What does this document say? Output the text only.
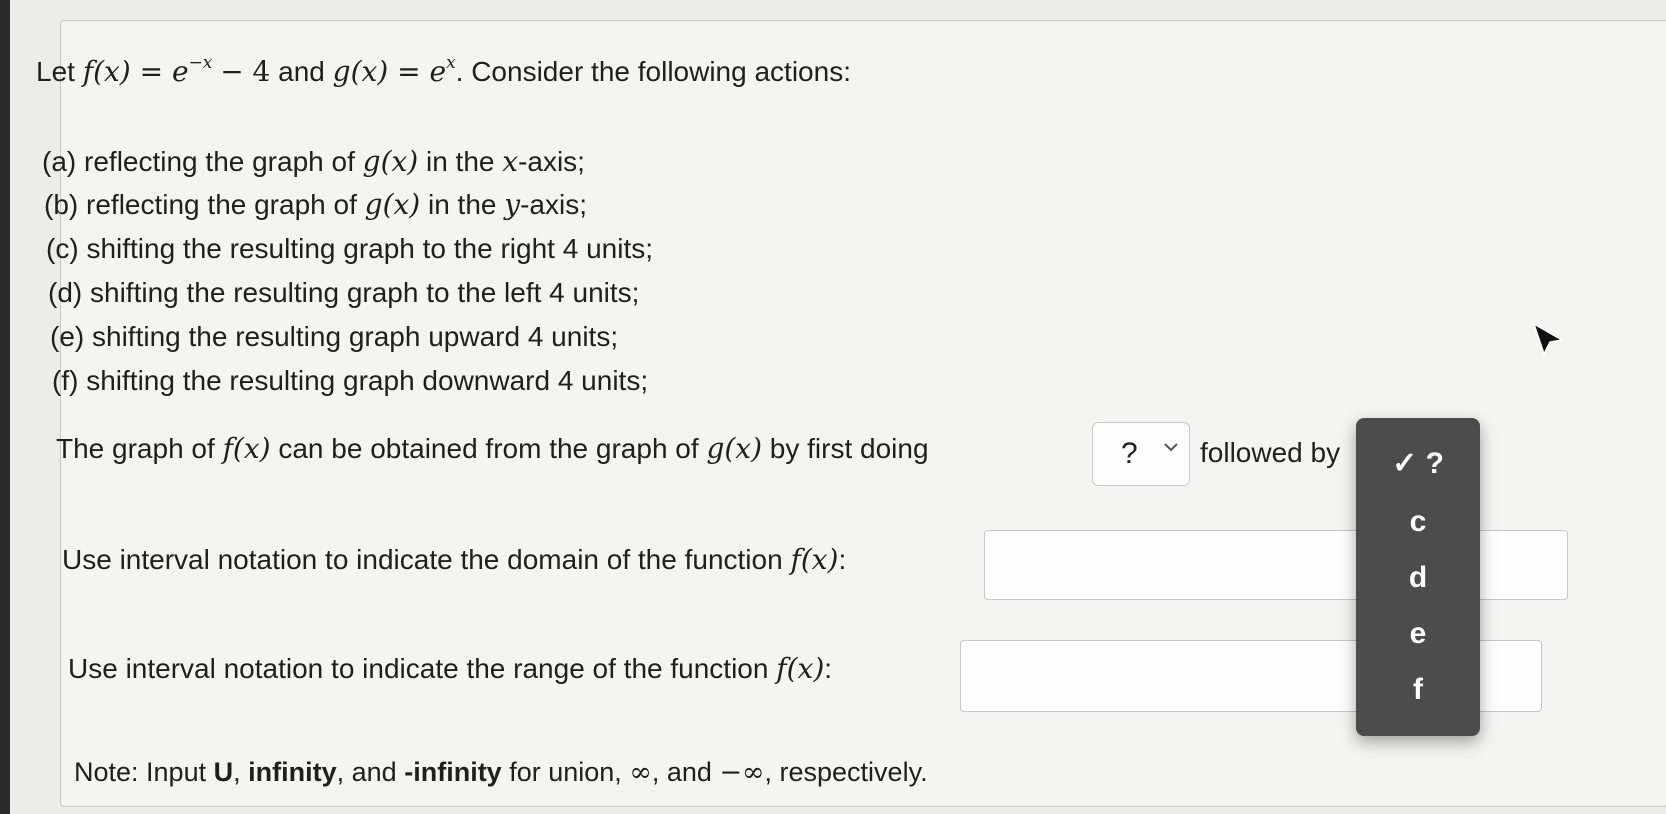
Let $f(x) = e^{-x} - 4$ and $g(x) = e^x$. Consider the following actions:
(a) reflecting the graph of g(x) in the x-axis;
(b) reflecting the graph of g(x) in the y-axis;
(c) shifting the resulting graph to the right 4 units;
(d) shifting the resulting graph to the left 4 units;
(e) shifting the resulting graph upward 4 units;
(f) shifting the resulting graph downward 4 units;
The graph of f(x) can be obtained from the graph of g(x) by first doing	? followed by
Use interval notation to indicate the domain of the function f(x):
Use interval notation to indicate the range of the function f(x):
Note: Input U, infinity, and -infinity for union, ∞, and −∞, respectively.
✓ ?
c
d
e
f
